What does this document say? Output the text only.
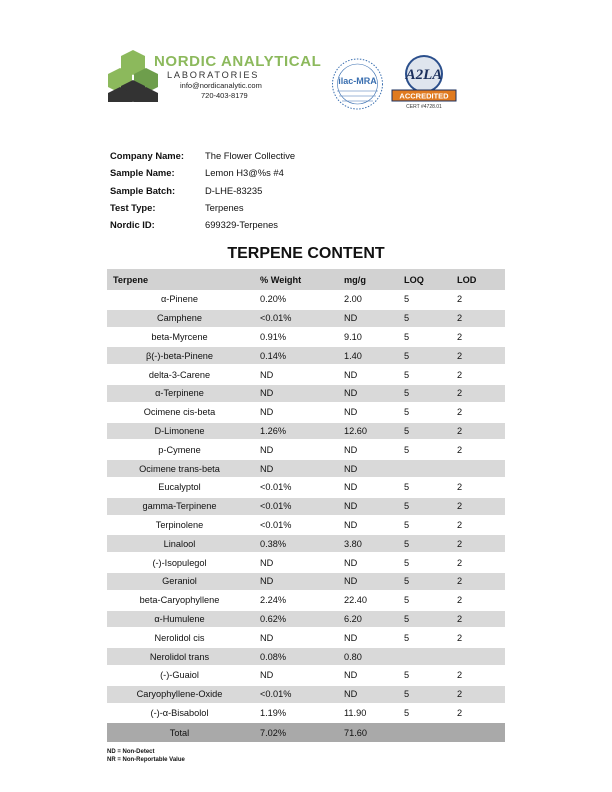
NORDIC ANALYTICAL
LABORATORIES
info@nordicanalytic.com
720-403-8179
ilac-MRA A2LA
ACCREDITED
CERT #4728.01
Company Name: The Flower Collective
Sample Name:	Lemon H3@%s #4
Sample Batch:	D-LHE-83235
Test Type:	Terpenes
Nordic ID:	699329-Terpenes
TERPENE CONTENT
Terpene	% Weight	mg/g	LOQ	LOD
α-Pinene	0.20%	2.00	5	2
Camphene	<0.01%	ND	5	2
beta-Myrcene	0.91%	9.10	5	2
β(-)-beta-Pinene	0.14%	1.40	5	2
delta-3-Carene	ND	ND	5	2
α-Terpinene	ND	ND	5	2
Ocimene cis-beta	ND	ND	5	2
D-Limonene	1.26%	12.60	5	2
p-Cymene	ND	ND	5	2
Ocimene trans-beta	ND	ND		
Eucalyptol	<0.01%	ND	5	2
gamma-Terpinene	<0.01%	ND	5	2
Terpinolene	<0.01%	ND	5	2
Linalool	0.38%	3.80	5	2
(-)-Isopulegol	ND	ND	5	2
Geraniol	ND	ND	5	2
beta-Caryophyllene	2.24%	22.40	5	2
α-Humulene	0.62%	6.20	5	2
Nerolidol cis	ND	ND	5	2
Nerolidol trans	0.08%	0.80		
(-)-Guaiol	ND	ND	5	2
Caryophyllene-Oxide	<0.01%	ND	5	2
(-)-α-Bisabolol	1.19%	11.90	5	2
Total	7.02%	71.60		
ND = Non-Detect
NR = Non-Reportable Value
